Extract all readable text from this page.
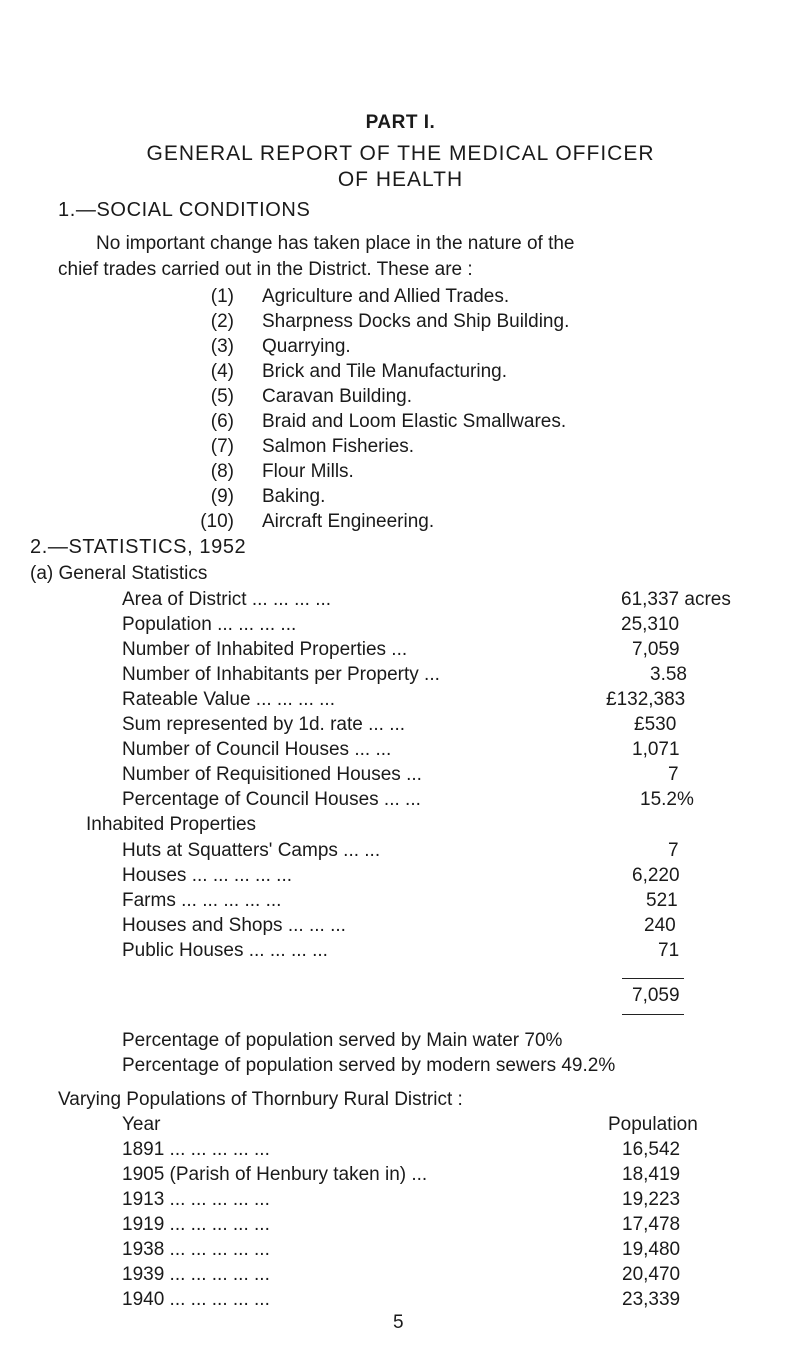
PART I.
GENERAL REPORT OF THE MEDICAL OFFICER
OF HEALTH
1.—SOCIAL CONDITIONS
No important change has taken place in the nature of the
chief trades carried out in the District. These are :
(1) Agriculture and Allied Trades.
(2) Sharpness Docks and Ship Building.
(3) Quarrying.
(4) Brick and Tile Manufacturing.
(5) Caravan Building.
(6) Braid and Loom Elastic Smallwares.
(7) Salmon Fisheries.
(8) Flour Mills.
(9) Baking.
(10) Aircraft Engineering.
2.—STATISTICS, 1952
(a) General Statistics
Area of District ... ... ... ...	61,337 acres
Population ... ... ... ...	25,310
Number of Inhabited Properties ...	7,059
Number of Inhabitants per Property ...	3.58
Rateable Value ... ... ... ...	£132,383
Sum represented by 1d. rate ... ...	£530
Number of Council Houses ... ...	1,071
Number of Requisitioned Houses ...	7
Percentage of Council Houses ... ...	15.2%
Inhabited Properties
Huts at Squatters' Camps ... ...	7
Houses ... ... ... ... ...	6,220
Farms ... ... ... ... ...	521
Houses and Shops ... ... ...	240
Public Houses ... ... ... ...	71
7,059
Percentage of population served by Main water 70%
Percentage of population served by modern sewers 49.2%
Varying Populations of Thornbury Rural District :
Year	Population
1891 ... ... ... ... ...	16,542
1905 (Parish of Henbury taken in) ...	18,419
1913 ... ... ... ... ...	19,223
1919 ... ... ... ... ...	17,478
1938 ... ... ... ... ...	19,480
1939 ... ... ... ... ...	20,470
1940 ... ... ... ... ...	23,339
5
